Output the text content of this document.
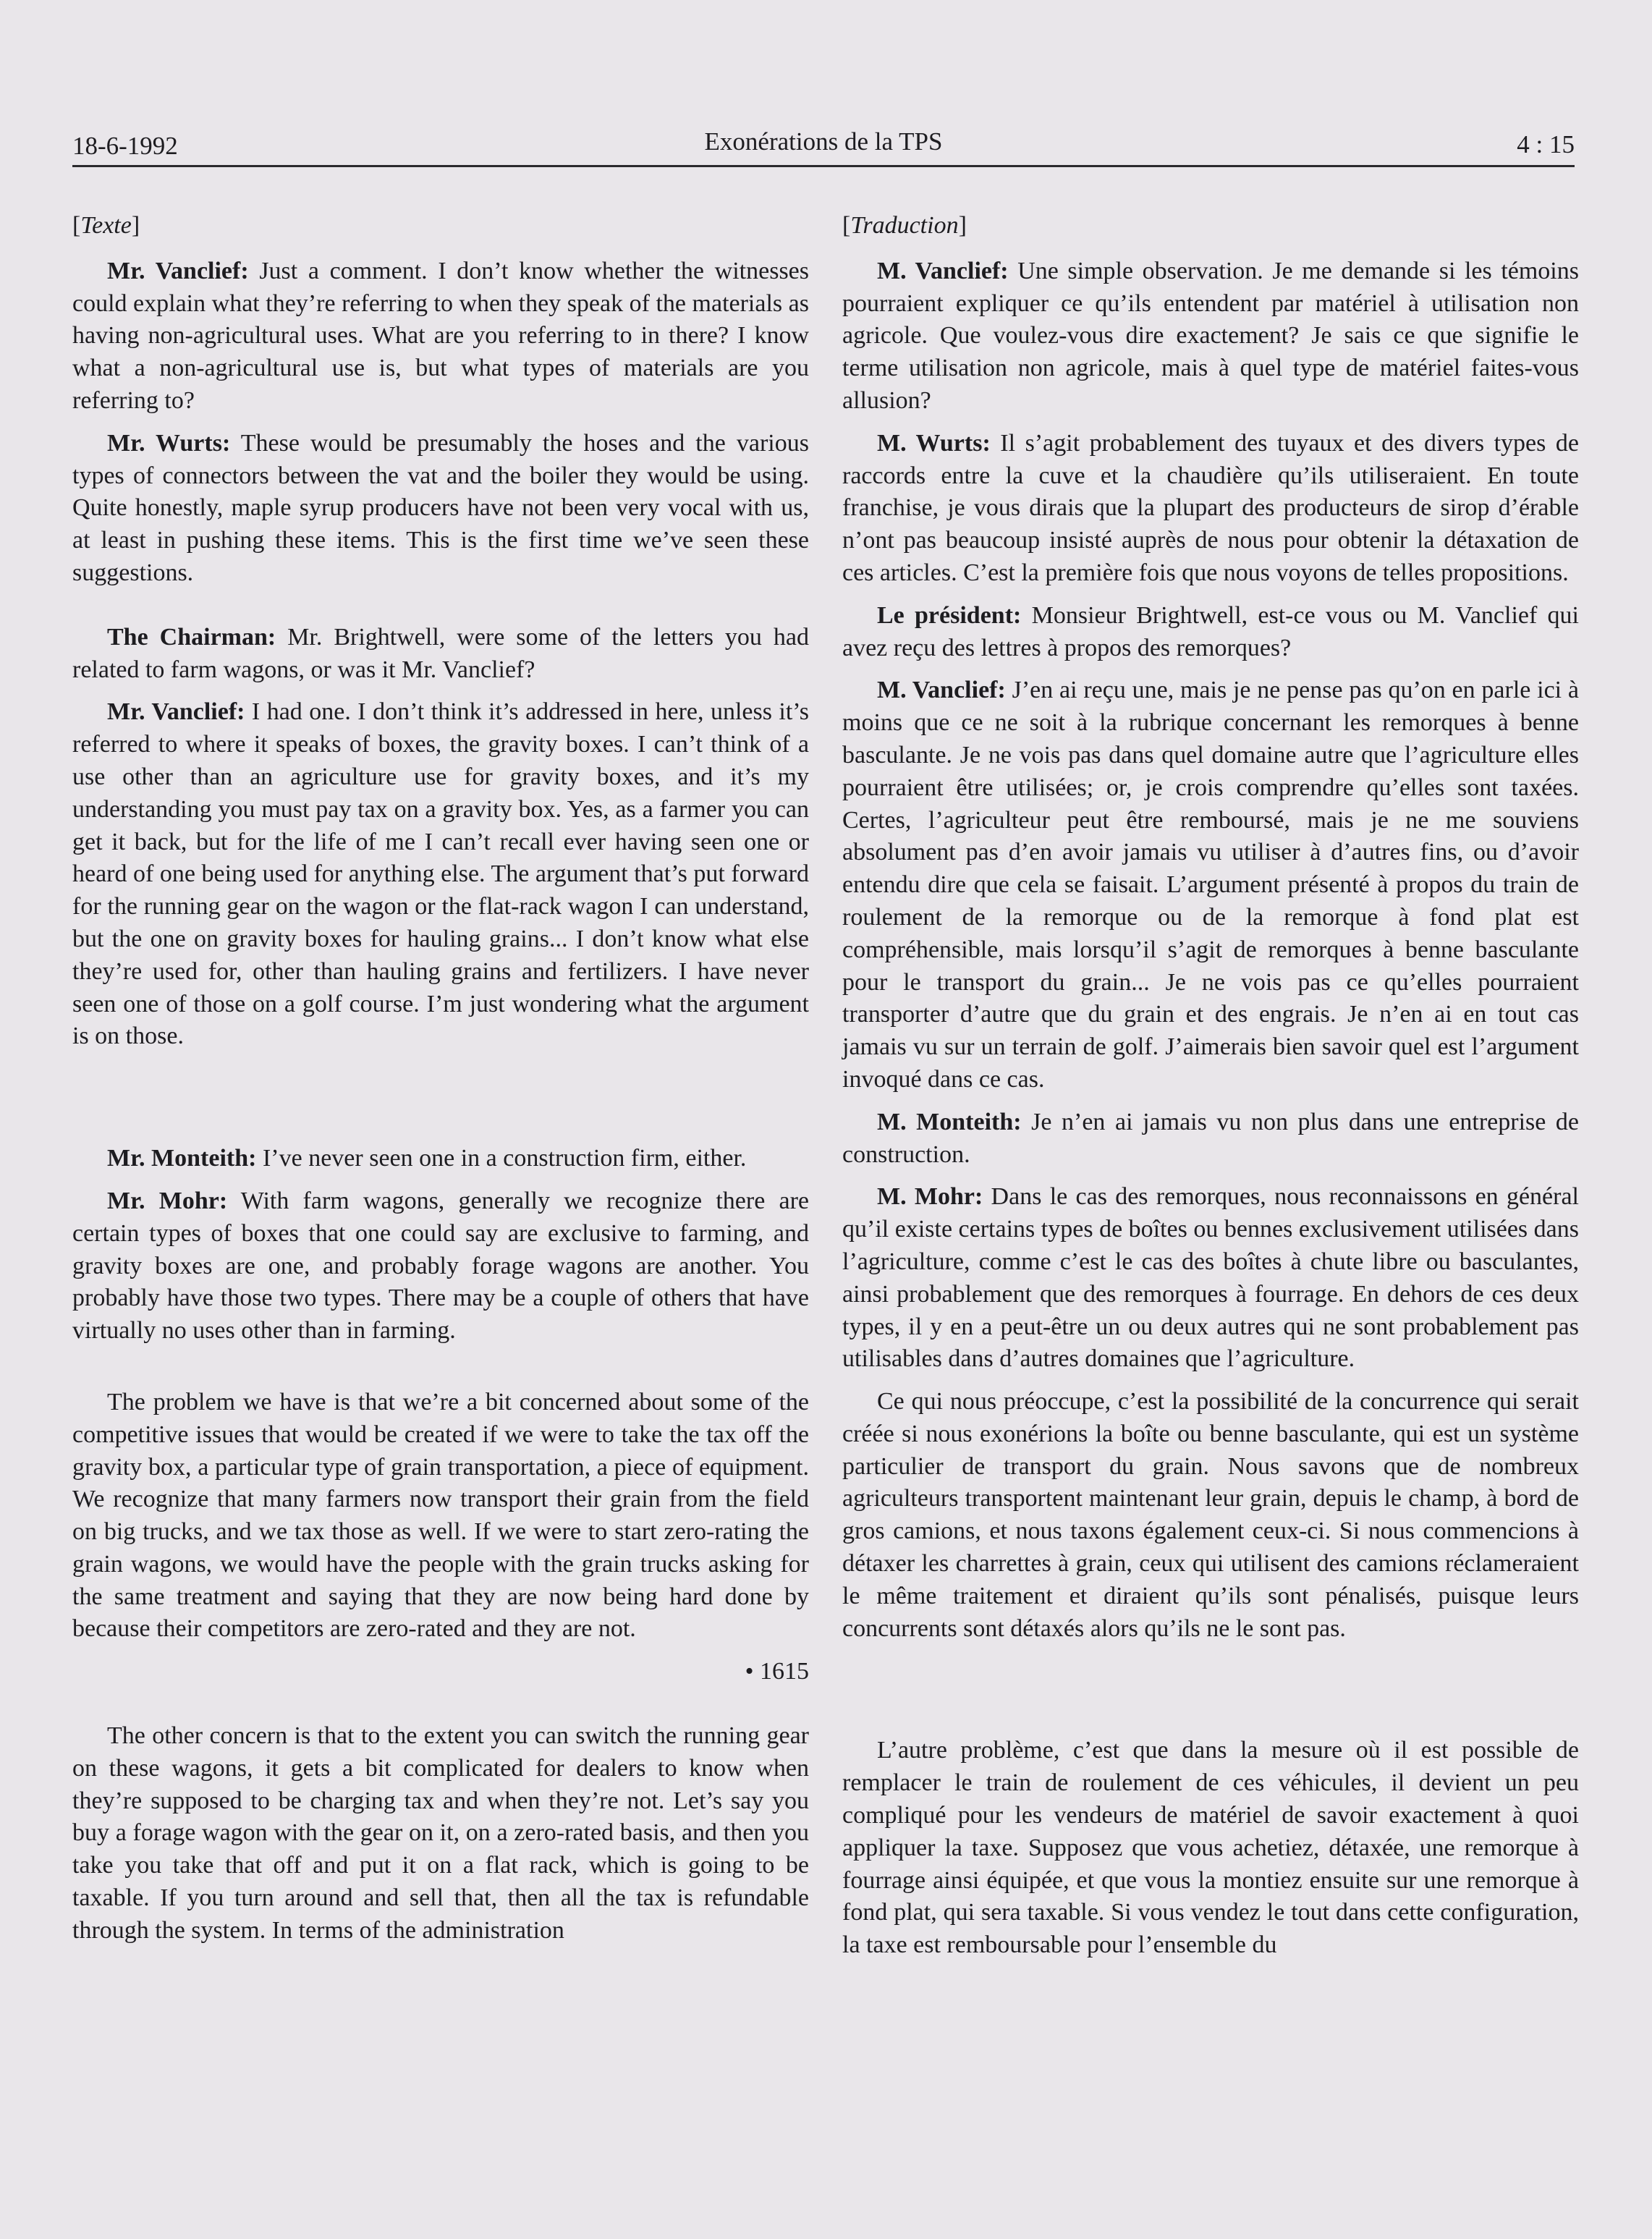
18-6-1992	Exonérations de la TPS	4 : 15
[Texte]

Mr. Vanclief: Just a comment. I don’t know whether the witnesses could explain what they’re referring to when they speak of the materials as having non-agricultural uses. What are you referring to in there? I know what a non-agricultural use is, but what types of materials are you referring to?

Mr. Wurts: These would be presumably the hoses and the various types of connectors between the vat and the boiler they would be using. Quite honestly, maple syrup producers have not been very vocal with us, at least in pushing these items. This is the first time we’ve seen these suggestions.

The Chairman: Mr. Brightwell, were some of the letters you had related to farm wagons, or was it Mr. Vanclief?

Mr. Vanclief: I had one. I don’t think it’s addressed in here, unless it’s referred to where it speaks of boxes, the gravity boxes. I can’t think of a use other than an agriculture use for gravity boxes, and it’s my understanding you must pay tax on a gravity box. Yes, as a farmer you can get it back, but for the life of me I can’t recall ever having seen one or heard of one being used for anything else. The argument that’s put forward for the running gear on the wagon or the flat-rack wagon I can understand, but the one on gravity boxes for hauling grains... I don’t know what else they’re used for, other than hauling grains and fertilizers. I have never seen one of those on a golf course. I’m just wondering what the argument is on those.

Mr. Monteith: I’ve never seen one in a construction firm, either.

Mr. Mohr: With farm wagons, generally we recognize there are certain types of boxes that one could say are exclusive to farming, and gravity boxes are one, and probably forage wagons are another. You probably have those two types. There may be a couple of others that have virtually no uses other than in farming.

The problem we have is that we’re a bit concerned about some of the competitive issues that would be created if we were to take the tax off the gravity box, a particular type of grain transportation, a piece of equipment. We recognize that many farmers now transport their grain from the field on big trucks, and we tax those as well. If we were to start zero-rating the grain wagons, we would have the people with the grain trucks asking for the same treatment and saying that they are now being hard done by because their competitors are zero-rated and they are not.

• 1615

The other concern is that to the extent you can switch the running gear on these wagons, it gets a bit complicated for dealers to know when they’re supposed to be charging tax and when they’re not. Let’s say you buy a forage wagon with the gear on it, on a zero-rated basis, and then you take you take that off and put it on a flat rack, which is going to be taxable. If you turn around and sell that, then all the tax is refundable through the system. In terms of the administration

[Traduction]

M. Vanclief: Une simple observation. Je me demande si les témoins pourraient expliquer ce qu’ils entendent par matériel à utilisation non agricole. Que voulez-vous dire exactement? Je sais ce que signifie le terme utilisation non agricole, mais à quel type de matériel faites-vous allusion?

M. Wurts: Il s’agit probablement des tuyaux et des divers types de raccords entre la cuve et la chaudière qu’ils utiliseraient. En toute franchise, je vous dirais que la plupart des producteurs de sirop d’érable n’ont pas beaucoup insisté auprès de nous pour obtenir la détaxation de ces articles. C’est la première fois que nous voyons de telles propositions.

Le président: Monsieur Brightwell, est-ce vous ou M. Vanclief qui avez reçu des lettres à propos des remorques?

M. Vanclief: J’en ai reçu une, mais je ne pense pas qu’on en parle ici à moins que ce ne soit à la rubrique concernant les remorques à benne basculante. Je ne vois pas dans quel domaine autre que l’agriculture elles pourraient être utilisées; or, je crois comprendre qu’elles sont taxées. Certes, l’agriculteur peut être remboursé, mais je ne me souviens absolument pas d’en avoir jamais vu utiliser à d’autres fins, ou d’avoir entendu dire que cela se faisait. L’argument présenté à propos du train de roulement de la remorque ou de la remorque à fond plat est compréhensible, mais lorsqu’il s’agit de remorques à benne basculante pour le transport du grain... Je ne vois pas ce qu’elles pourraient transporter d’autre que du grain et des engrais. Je n’en ai en tout cas jamais vu sur un terrain de golf. J’aimerais bien savoir quel est l’argument invoqué dans ce cas.

M. Monteith: Je n’en ai jamais vu non plus dans une entreprise de construction.

M. Mohr: Dans le cas des remorques, nous reconnaissons en général qu’il existe certains types de boîtes ou bennes exclusivement utilisées dans l’agriculture, comme c’est le cas des boîtes à chute libre ou basculantes, ainsi probablement que des remorques à fourrage. En dehors de ces deux types, il y en a peut-être un ou deux autres qui ne sont probablement pas utilisables dans d’autres domaines que l’agriculture.

Ce qui nous préoccupe, c’est la possibilité de la concurrence qui serait créée si nous exonérions la boîte ou benne basculante, qui est un système particulier de transport du grain. Nous savons que de nombreux agriculteurs transportent maintenant leur grain, depuis le champ, à bord de gros camions, et nous taxons également ceux-ci. Si nous commencions à détaxer les charrettes à grain, ceux qui utilisent des camions réclameraient le même traitement et diraient qu’ils sont pénalisés, puisque leurs concurrents sont détaxés alors qu’ils ne le sont pas.

L’autre problème, c’est que dans la mesure où il est possible de remplacer le train de roulement de ces véhicules, il devient un peu compliqué pour les vendeurs de matériel de savoir exactement à quoi appliquer la taxe. Supposez que vous achetiez, détaxée, une remorque à fourrage ainsi équipée, et que vous la montiez ensuite sur une remorque à fond plat, qui sera taxable. Si vous vendez le tout dans cette configuration, la taxe est remboursable pour l’ensemble du
